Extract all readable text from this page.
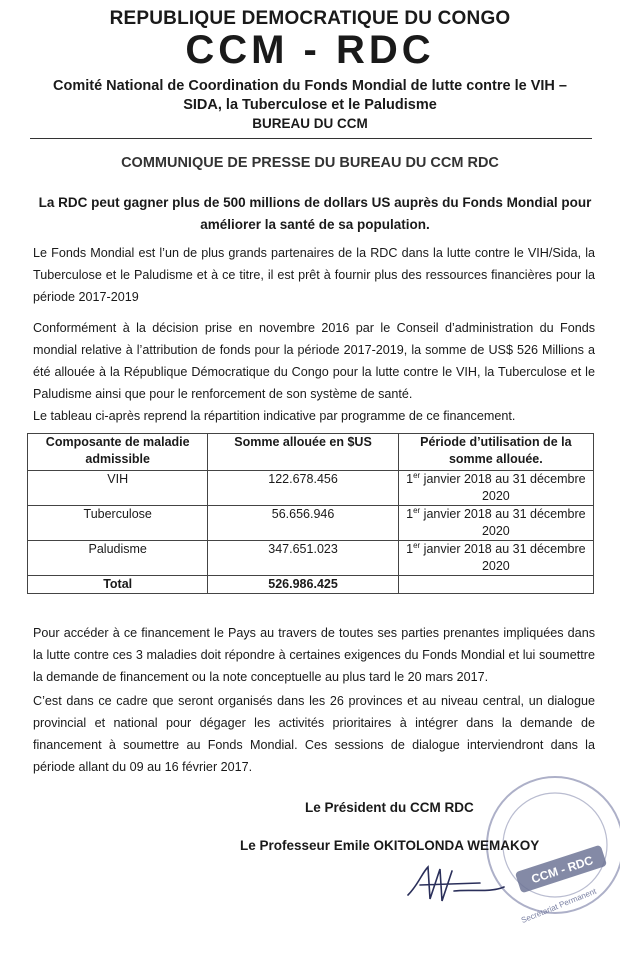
REPUBLIQUE DEMOCRATIQUE DU CONGO
CCM - RDC
Comité National de Coordination du Fonds Mondial de lutte contre le VIH –
SIDA, la Tuberculose et le Paludisme
BUREAU DU CCM
COMMUNIQUE DE PRESSE DU BUREAU DU CCM RDC
La RDC peut gagner plus de 500 millions de dollars US auprès du Fonds Mondial pour améliorer la santé de sa population.

Le Fonds Mondial est l’un de plus grands partenaires de la RDC dans la lutte contre le VIH/Sida, la Tuberculose et le Paludisme et à ce titre, il est prêt à fournir plus des ressources financières pour la période 2017-2019

Conformément à la décision prise en novembre 2016 par le Conseil d’administration du Fonds mondial relative à l’attribution de fonds pour la période 2017-2019, la somme de US$ 526 Millions a été allouée à la République Démocratique du Congo pour la lutte contre le VIH, la Tuberculose et le Paludisme ainsi que pour le renforcement de son système de santé.

Le tableau ci-après reprend la répartition indicative par programme de ce financement.

Composante de maladie admissible	Somme allouée en $US	Période d’utilisation de la somme allouée.
VIH	122.678.456	1er janvier 2018 au 31 décembre 2020
Tuberculose	56.656.946	1er janvier 2018 au 31 décembre 2020
Paludisme	347.651.023	1er janvier 2018 au 31 décembre 2020
Total	526.986.425	

Pour accéder à ce financement le Pays au travers de toutes ses parties prenantes impliquées dans la lutte contre ces 3 maladies doit répondre à certaines exigences du Fonds Mondial et lui soumettre la demande de financement ou la note conceptuelle au plus tard le 20 mars 2017.

C’est dans ce cadre que seront organisés dans les 26 provinces et au niveau central, un dialogue provincial et national pour dégager les activités prioritaires à intégrer dans la demande de financement à soumettre au Fonds Mondial. Ces sessions de dialogue interviendront dans la période allant du 09 au 16 février 2017.

CCM - RDC
Secrétariat Permanent
Le Président du CCM RDC
Le Professeur Emile OKITOLONDA WEMAKOY
